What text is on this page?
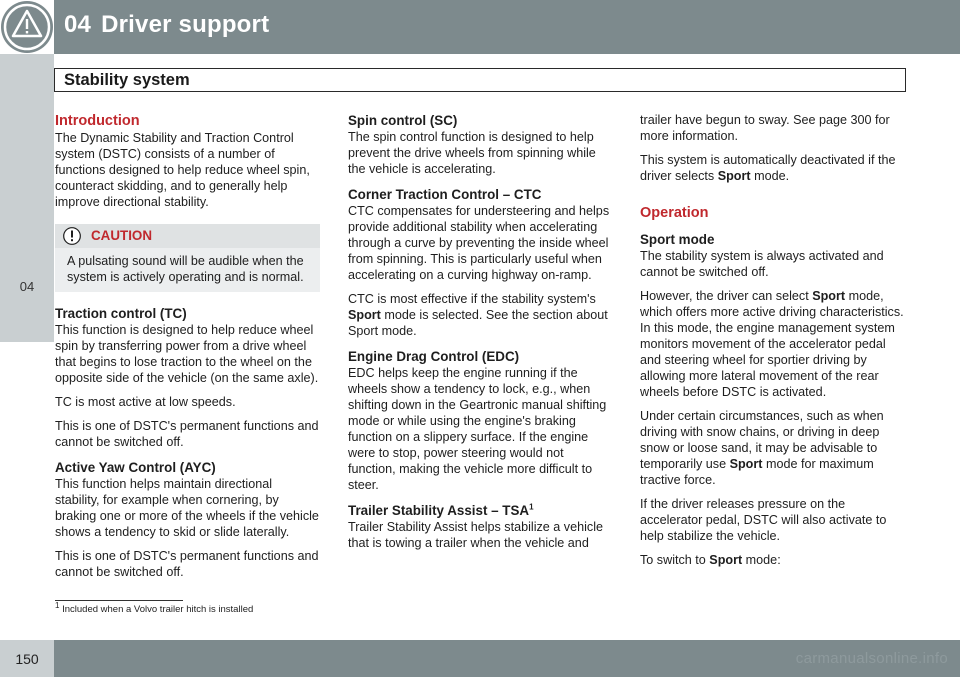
04 Driver support
04
Stability system
Introduction

The Dynamic Stability and Traction Control system (DSTC) consists of a number of functions designed to help reduce wheel spin, counteract skidding, and to generally help improve directional stability.

CAUTION
A pulsating sound will be audible when the system is actively operating and is normal.
Traction control (TC)

This function is designed to help reduce wheel spin by transferring power from a drive wheel that begins to lose traction to the wheel on the opposite side of the vehicle (on the same axle).

TC is most active at low speeds.

This is one of DSTC's permanent functions and cannot be switched off.

Active Yaw Control (AYC)

This function helps maintain directional stability, for example when cornering, by braking one or more of the wheels if the vehicle shows a tendency to skid or slide laterally.

This is one of DSTC's permanent functions and cannot be switched off.

Spin control (SC)

The spin control function is designed to help prevent the drive wheels from spinning while the vehicle is accelerating.

Corner Traction Control – CTC

CTC compensates for understeering and helps provide additional stability when accelerating through a curve by preventing the inside wheel from spinning. This is particularly useful when accelerating on a curving highway on-ramp.

CTC is most effective if the stability system's Sport mode is selected. See the section about Sport mode.

Engine Drag Control (EDC)

EDC helps keep the engine running if the wheels show a tendency to lock, e.g., when shifting down in the Geartronic manual shifting mode or while using the engine's braking function on a slippery surface. If the engine were to stop, power steering would not function, making the vehicle more difficult to steer.

Trailer Stability Assist – TSA$^1$

Trailer Stability Assist helps stabilize a vehicle that is towing a trailer when the vehicle and

trailer have begun to sway. See page 300 for more information.

This system is automatically deactivated if the driver selects Sport mode.

Operation
Sport mode

The stability system is always activated and cannot be switched off.

However, the driver can select Sport mode, which offers more active driving characteristics. In this mode, the engine management system monitors movement of the accelerator pedal and steering wheel for sportier driving by allowing more lateral movement of the rear wheels before DSTC is activated.

Under certain circumstances, such as when driving with snow chains, or driving in deep snow or loose sand, it may be advisable to temporarily use Sport mode for maximum tractive force.

If the driver releases pressure on the accelerator pedal, DSTC will also activate to help stabilize the vehicle.

To switch to Sport mode:

$^1$ Included when a Volvo trailer hitch is installed
carmanualsonline.info
150
